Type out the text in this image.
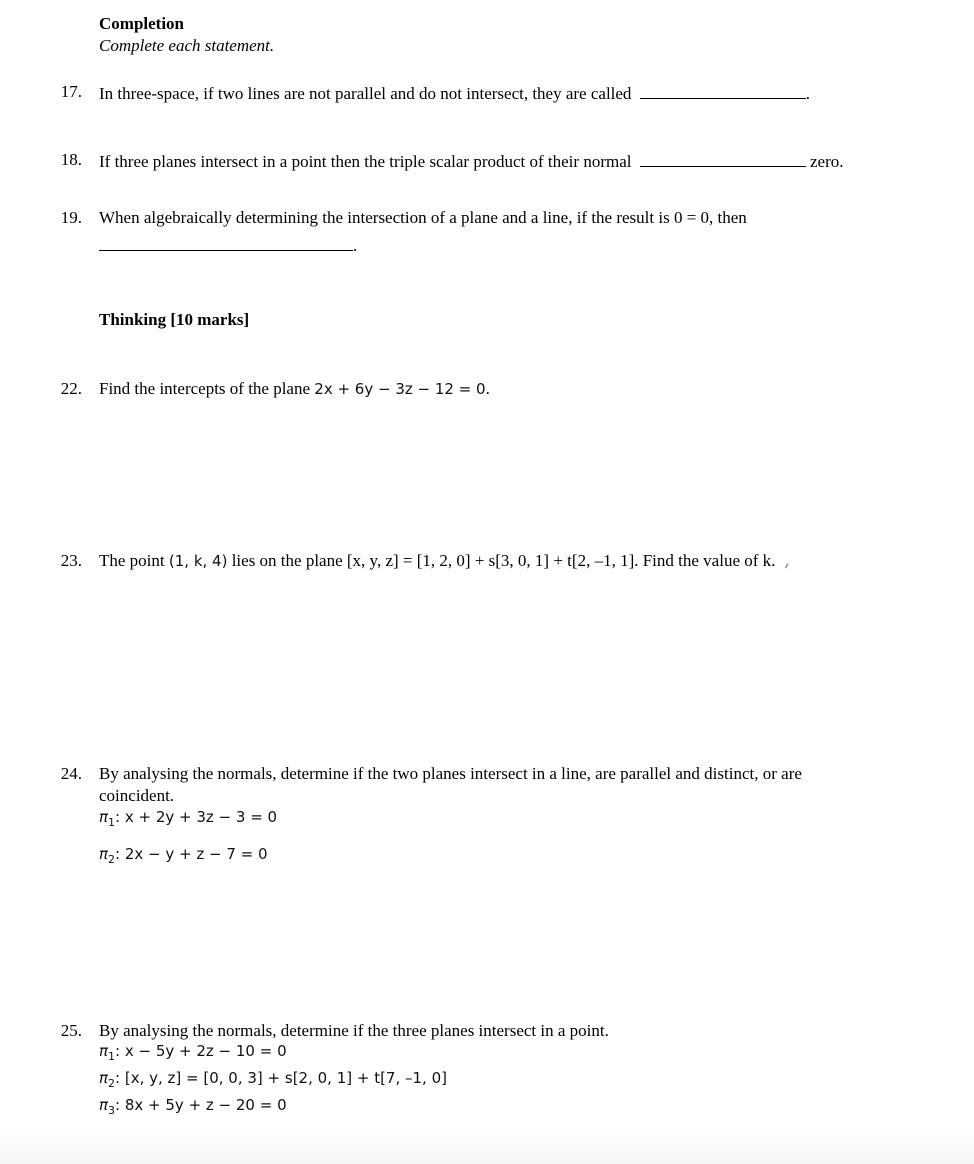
Completion
Complete each statement.
17. In three-space, if two lines are not parallel and do not intersect, they are called	.
18. If three planes intersect in a point then the triple scalar product of their normal	zero.
19. When algebraically determining the intersection of a plane and a line, if the result is 0 = 0, then
.
Thinking [10 marks]
22. Find the intercepts of the plane 2x + 6y − 3z − 12 = 0.
23. The point (1, k, 4) lies on the plane [x, y, z] = [1, 2, 0] + s[3, 0, 1] + t[2, –1, 1]. Find the value of k.
24. By analysing the normals, determine if the two planes intersect in a line, are parallel and distinct, or are
coincident.
$\pi_1$: x + 2y + 3z − 3 = 0
$\pi_2$: 2x − y + z − 7 = 0
25. By analysing the normals, determine if the three planes intersect in a point.
$\pi_1$: x − 5y + 2z − 10 = 0
$\pi_2$: [x, y, z] = [0, 0, 3] + s[2, 0, 1] + t[7, –1, 0]
$\pi_3$: 8x + 5y + z − 20 = 0
